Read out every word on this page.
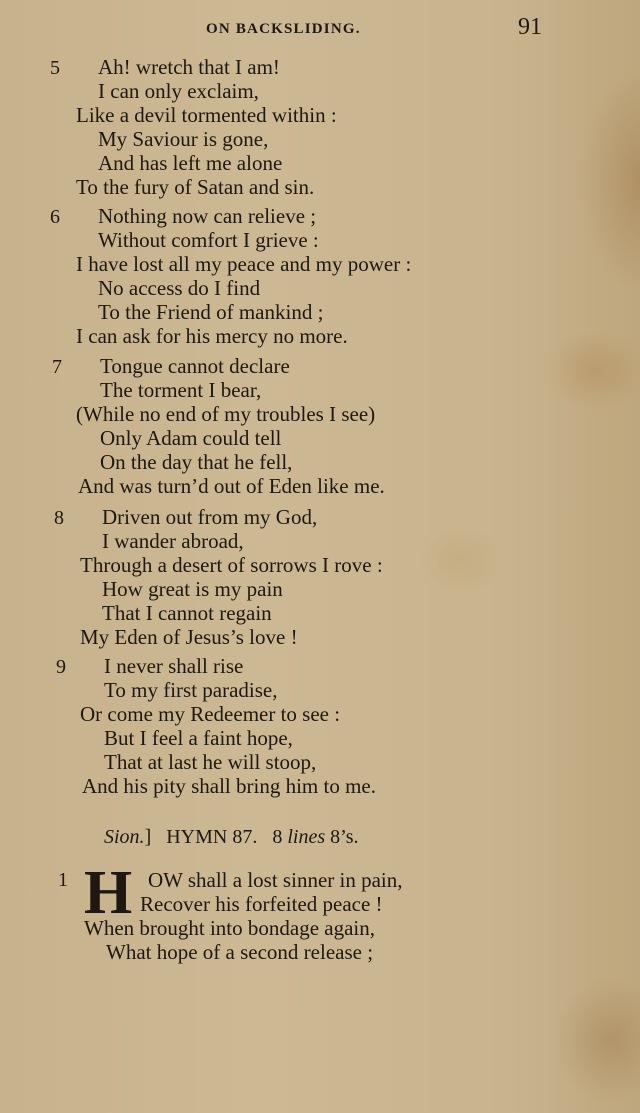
ON BACKSLIDING.	91
5 Ah! wretch that I am!
I can only exclaim,
Like a devil tormented within :
My Saviour is gone,
And has left me alone
To the fury of Satan and sin.
6 Nothing now can relieve ;
Without comfort I grieve :
I have lost all my peace and my power :
No access do I find
To the Friend of mankind ;
I can ask for his mercy no more.
7 Tongue cannot declare
The torment I bear,
(While no end of my troubles I see)
Only Adam could tell
On the day that he fell,
And was turn’d out of Eden like me.
8 Driven out from my God,
I wander abroad,
Through a desert of sorrows I rove :
How great is my pain
That I cannot regain
My Eden of Jesus’s love !
9 I never shall rise
To my first paradise,
Or come my Redeemer to see :
But I feel a faint hope,
That at last he will stoop,
And his pity shall bring him to me.
Sion.] HYMN 87. 8 lines 8’s.
1 H OW shall a lost sinner in pain,
Recover his forfeited peace !
When brought into bondage again,
What hope of a second release ;
